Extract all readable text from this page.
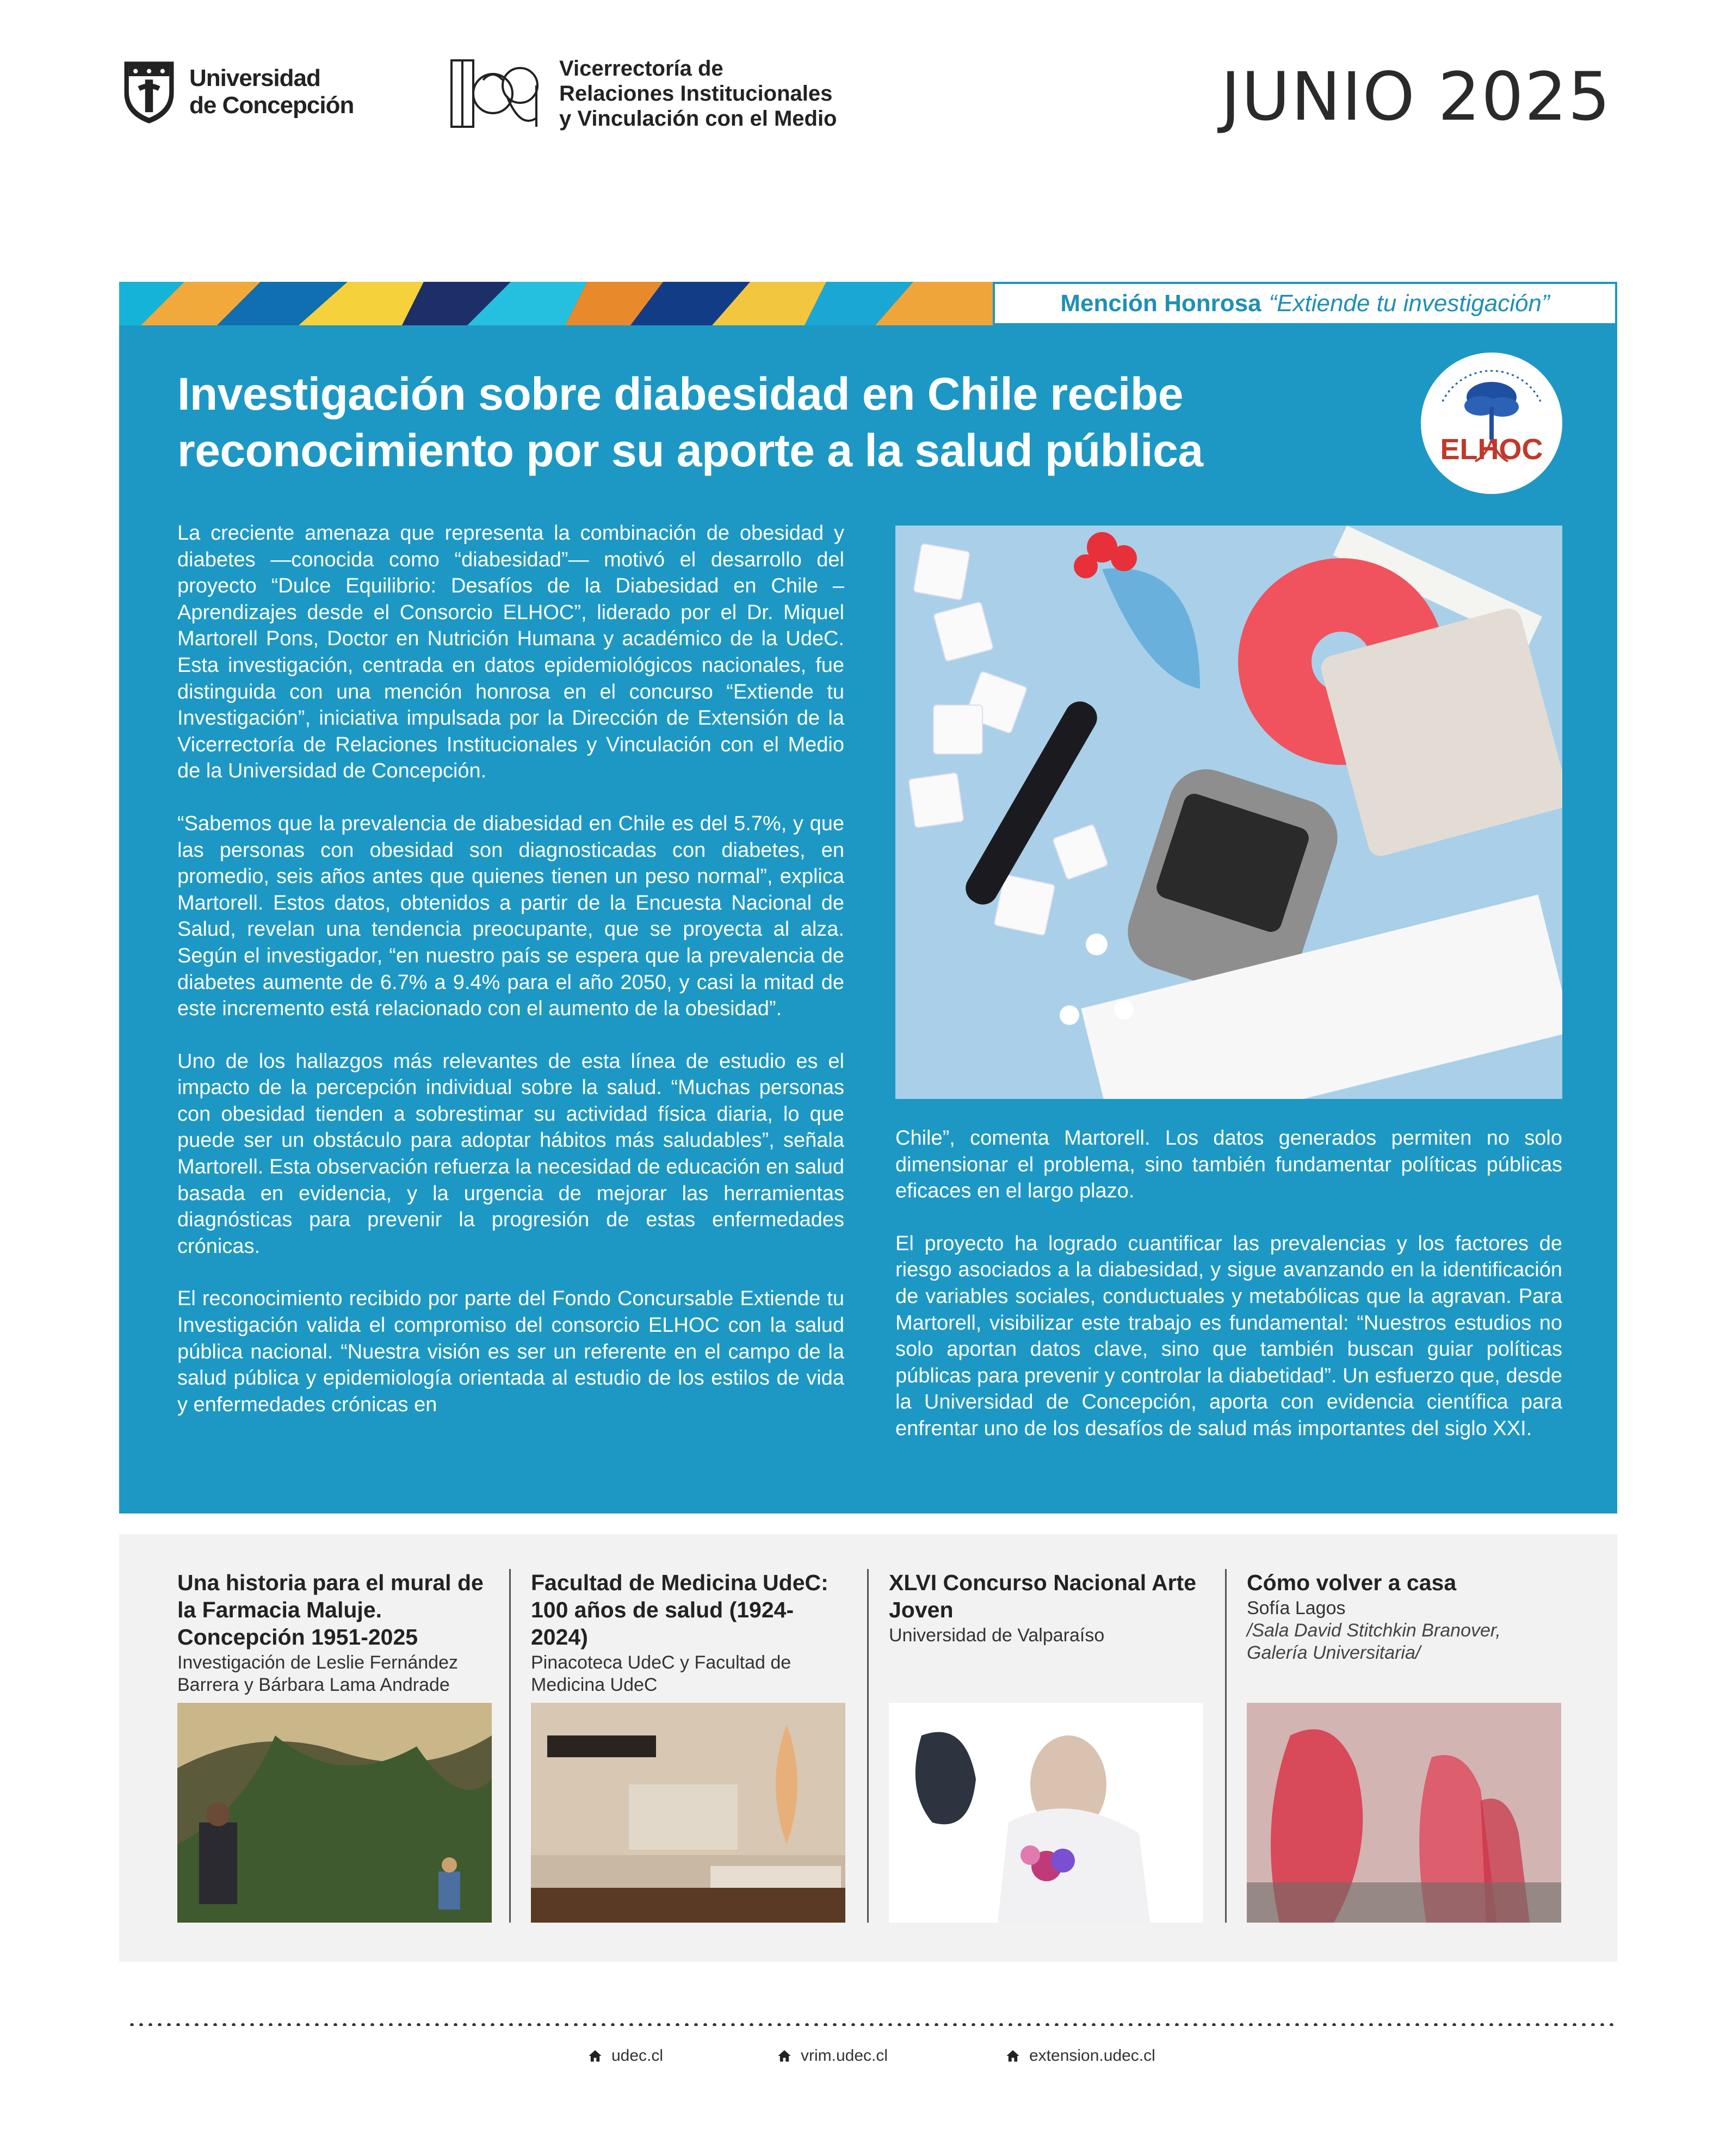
Universidad
de Concepción
Vicerrectoría de
Relaciones Institucionales
y Vinculación con el Medio	JUNIO 2025
Mención Honrosa “Extiende tu investigación”
Investigación sobre diabesidad en Chile recibe
reconocimiento por su aporte a la salud pública	ELHOC

La creciente amenaza que representa la combinación de obesidad y diabetes —conocida como “diabesidad”— motivó el desarrollo del proyecto “Dulce Equilibrio: Desafíos de la Diabesidad en Chile – Aprendizajes desde el Consorcio ELHOC”, liderado por el Dr. Miquel Martorell Pons, Doctor en Nutrición Humana y académico de la UdeC. Esta investigación, centrada en datos epidemiológicos nacionales, fue distinguida con una mención honrosa en el concurso “Extiende tu Investigación”, iniciativa impulsada por la Dirección de Extensión de la Vicerrectoría de Relaciones Institucionales y Vinculación con el Medio de la Universidad de Concepción.

“Sabemos que la prevalencia de diabesidad en Chile es del 5.7%, y que las personas con obesidad son diagnosticadas con diabetes, en promedio, seis años antes que quienes tienen un peso normal”, explica Martorell. Estos datos, obtenidos a partir de la Encuesta Nacional de Salud, revelan una tendencia preocupante, que se proyecta al alza. Según el investigador, “en nuestro país se espera que la prevalencia de diabetes aumente de 6.7% a 9.4% para el año 2050, y casi la mitad de este incremento está relacionado con el aumento de la obesidad”.

Uno de los hallazgos más relevantes de esta línea de estudio es el impacto de la percepción individual sobre la salud. “Muchas personas con obesidad tienden a sobrestimar su actividad física diaria, lo que puede ser un obstáculo para adoptar hábitos más saludables”, señala Martorell. Esta observación refuerza la necesidad de educación en salud basada en evidencia, y la urgencia de mejorar las herramientas diagnósticas para prevenir la progresión de estas enfermedades crónicas.

El reconocimiento recibido por parte del Fondo Concursable Extiende tu Investigación valida el compromiso del consorcio ELHOC con la salud pública nacional. “Nuestra visión es ser un referente en el campo de la salud pública y epidemiología orientada al estudio de los estilos de vida y enfermedades crónicas en

Chile”, comenta Martorell. Los datos generados permiten no solo dimensionar el problema, sino también fundamentar políticas públicas eficaces en el largo plazo.

El proyecto ha logrado cuantificar las prevalencias y los factores de riesgo asociados a la diabesidad, y sigue avanzando en la identificación de variables sociales, conductuales y metabólicas que la agravan. Para Martorell, visibilizar este trabajo es fundamental: “Nuestros estudios no solo aportan datos clave, sino que también buscan guiar políticas públicas para prevenir y controlar la diabetidad”. Un esfuerzo que, desde la Universidad de Concepción, aporta con evidencia científica para enfrentar uno de los desafíos de salud más importantes del siglo XXI.

Una historia para el mural de la Farmacia Maluje. Concepción 1951-2025
Investigación de Leslie Fernández Barrera y Bárbara Lama Andrade
Facultad de Medicina UdeC: 100 años de salud (1924-2024)
Pinacoteca UdeC y Facultad de Medicina UdeC
XLVI Concurso Nacional Arte Joven
Universidad de Valparaíso
Cómo volver a casa
Sofía Lagos
/Sala David Stitchkin Branover, Galería Universitaria/
udec.cl	vrim.udec.cl	extension.udec.cl
